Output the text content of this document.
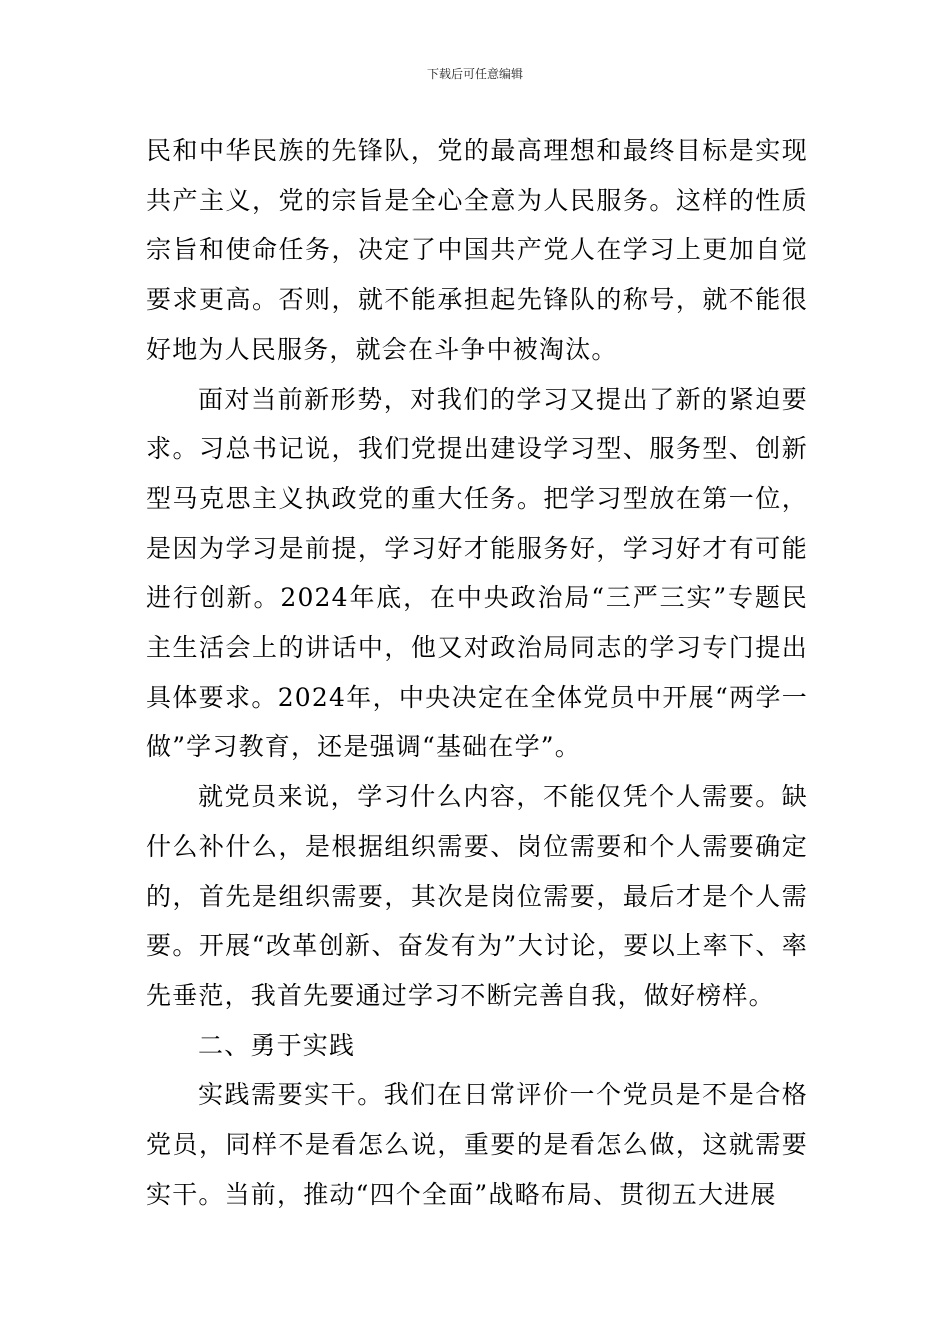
下载后可任意编辑

民和中华民族的先锋队，党的最高理想和最终目标是实现共产主义，党的宗旨是全心全意为人民服务。这样的性质宗旨和使命任务，决定了中国共产党人在学习上更加自觉要求更高。否则，就不能承担起先锋队的称号，就不能很好地为人民服务，就会在斗争中被淘汰。

面对当前新形势，对我们的学习又提出了新的紧迫要求。习总书记说，我们党提出建设学习型、服务型、创新型马克思主义执政党的重大任务。把学习型放在第一位，是因为学习是前提，学习好才能服务好，学习好才有可能进行创新。2024年底，在中央政治局“三严三实”专题民主生活会上的讲话中，他又对政治局同志的学习专门提出具体要求。2024年，中央决定在全体党员中开展“两学一做”学习教育，还是强调“基础在学”。

就党员来说，学习什么内容，不能仅凭个人需要。缺什么补什么，是根据组织需要、岗位需要和个人需要确定的，首先是组织需要，其次是岗位需要，最后才是个人需要。开展“改革创新、奋发有为”大讨论，要以上率下、率先垂范，我首先要通过学习不断完善自我，做好榜样。

二、勇于实践

实践需要实干。我们在日常评价一个党员是不是合格党员，同样不是看怎么说，重要的是看怎么做，这就需要实干。当前，推动“四个全面”战略布局、贯彻五大进展
